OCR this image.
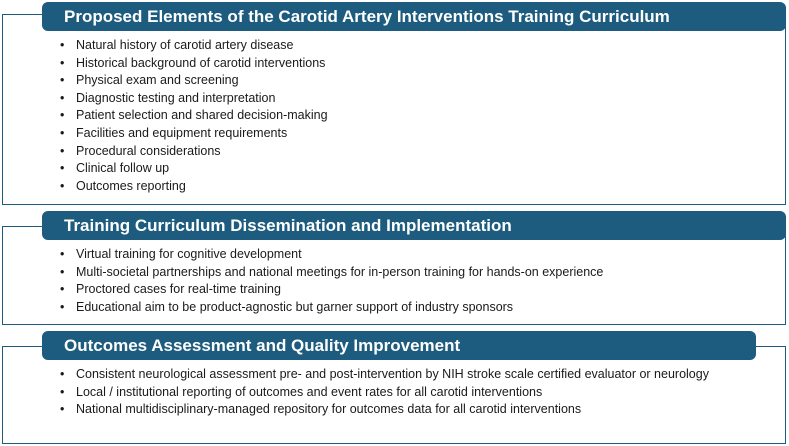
Proposed Elements of the Carotid Artery Interventions Training Curriculum
• Natural history of carotid artery disease
• Historical background of carotid interventions
• Physical exam and screening
• Diagnostic testing and interpretation
• Patient selection and shared decision-making
• Facilities and equipment requirements
• Procedural considerations
• Clinical follow up
• Outcomes reporting
Training Curriculum Dissemination and Implementation
• Virtual training for cognitive development
• Multi-societal partnerships and national meetings for in-person training for hands-on experience
• Proctored cases for real-time training
• Educational aim to be product-agnostic but garner support of industry sponsors
Outcomes Assessment and Quality Improvement
• Consistent neurological assessment pre- and post-intervention by NIH stroke scale certified evaluator or neurology
• Local / institutional reporting of outcomes and event rates for all carotid interventions
• National multidisciplinary-managed repository for outcomes data for all carotid interventions
